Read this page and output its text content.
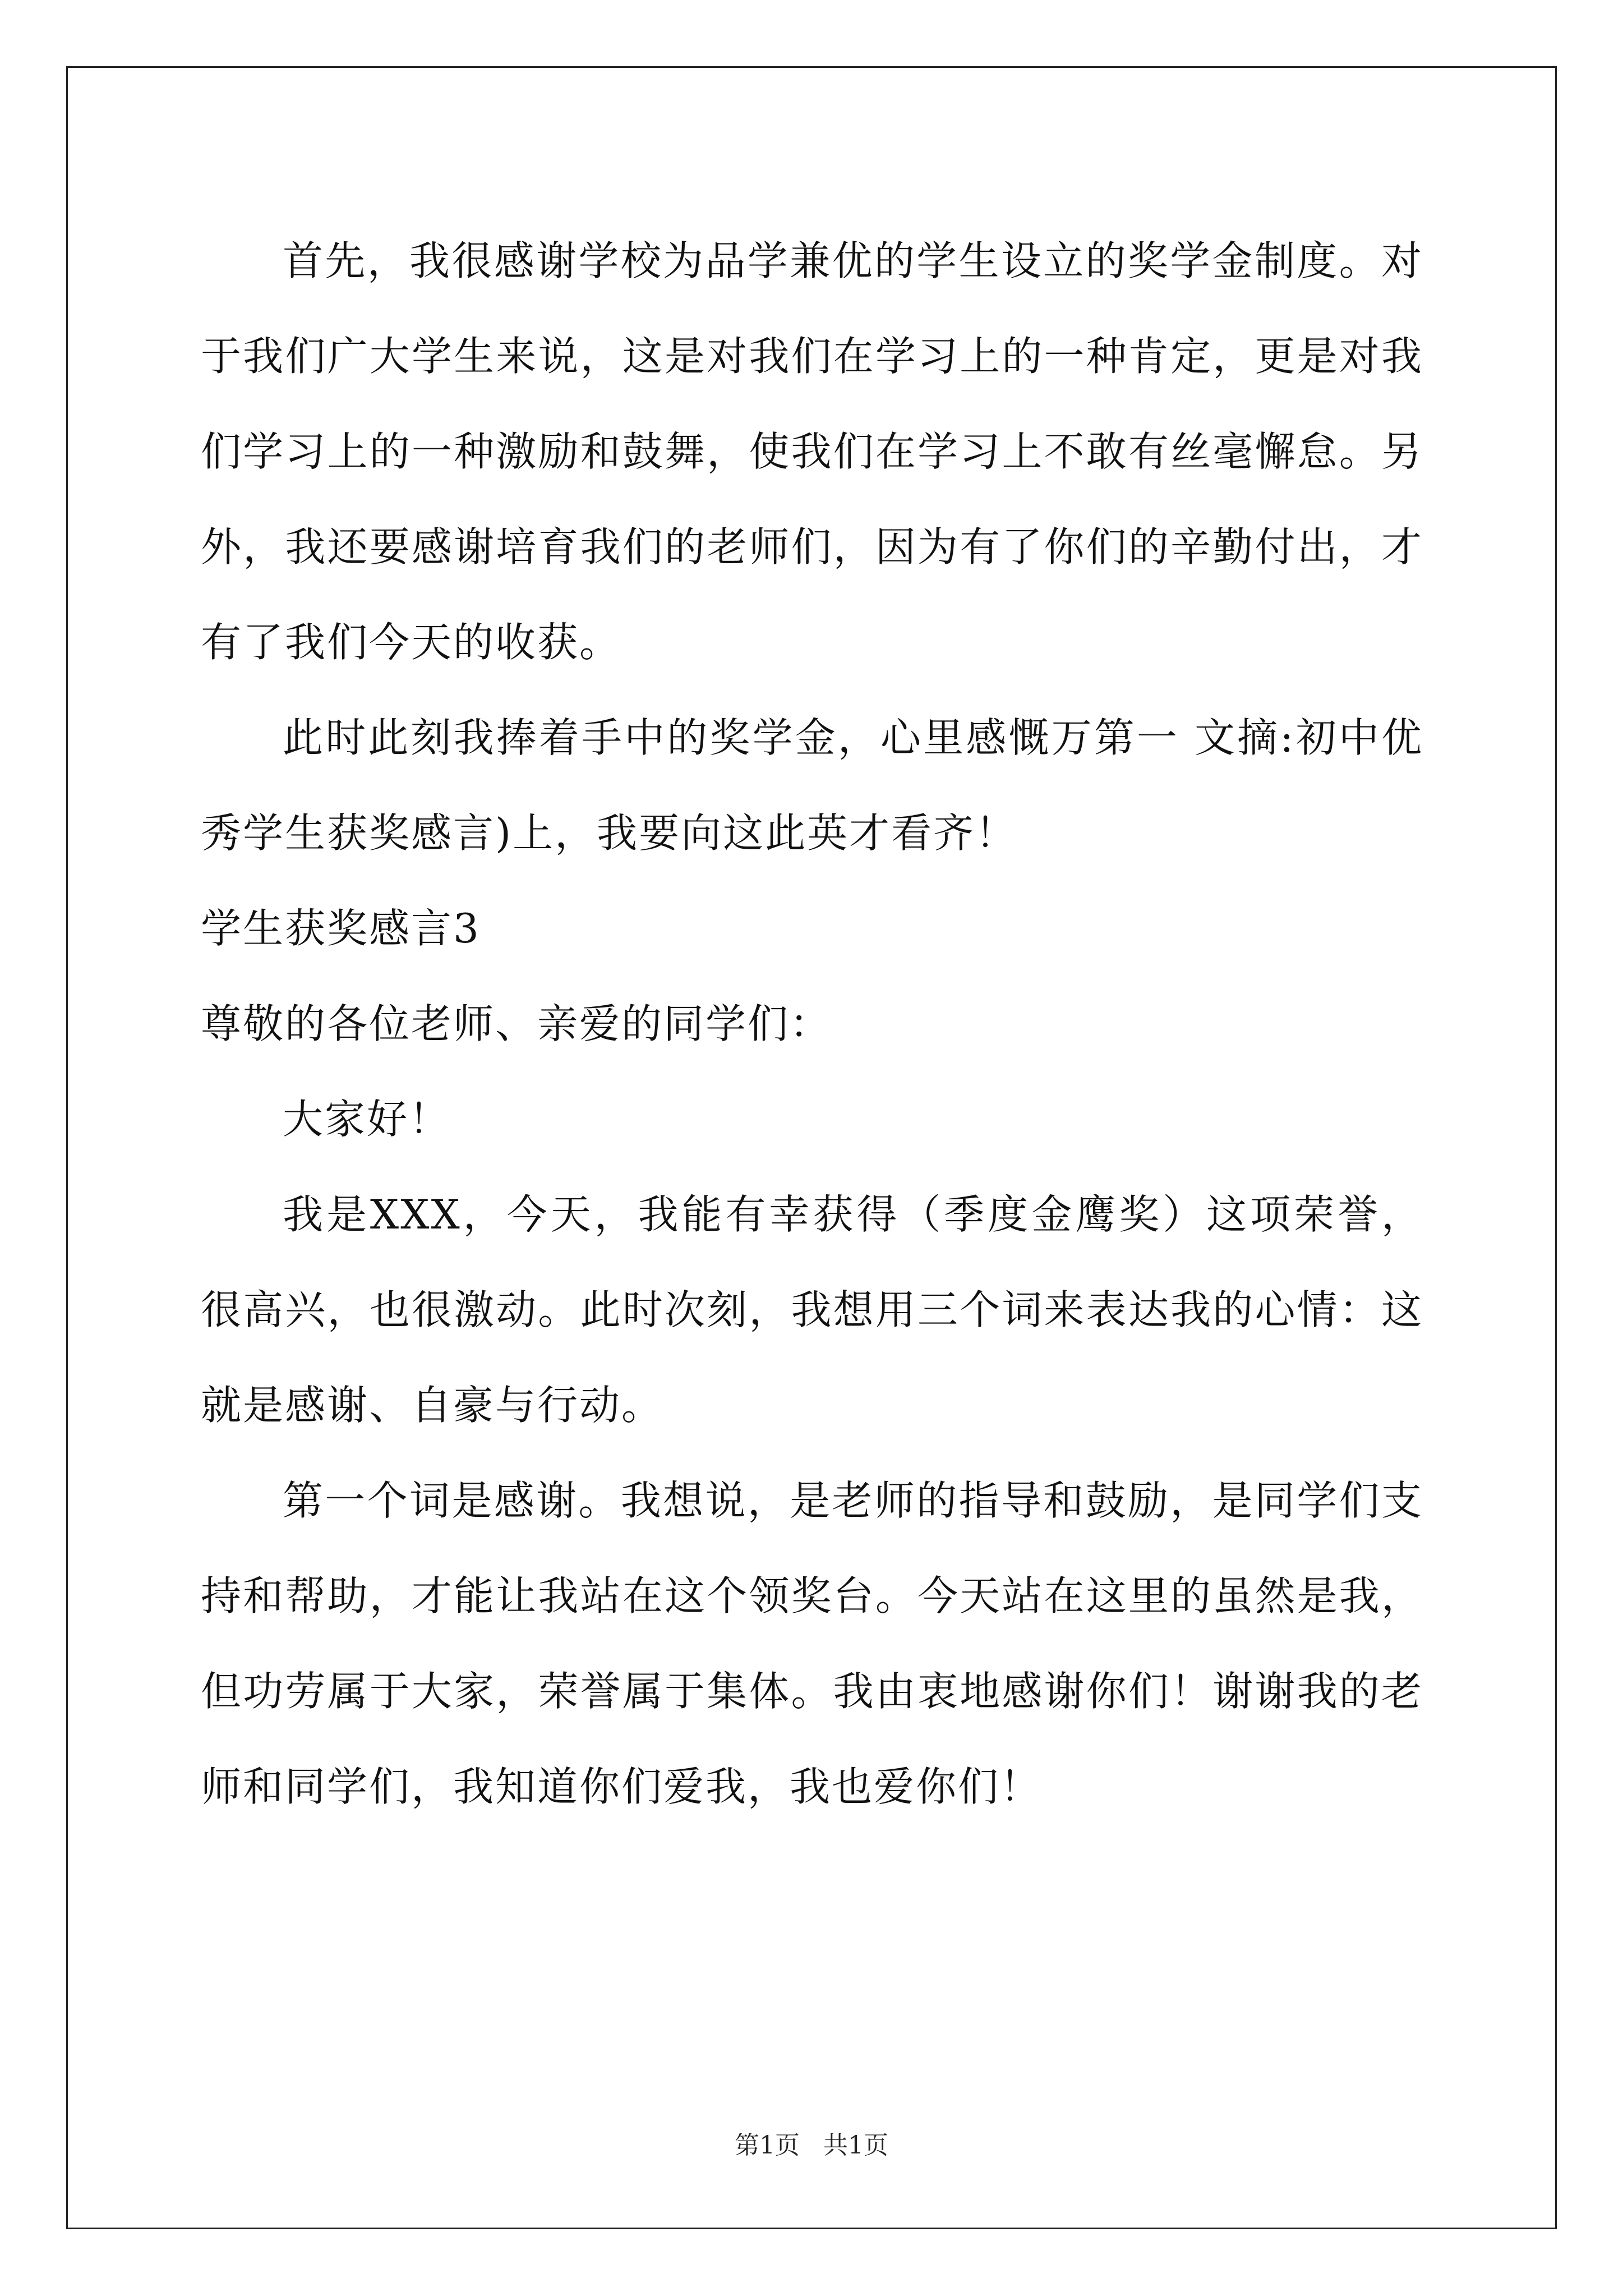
首先，我很感谢学校为品学兼优的学生设立的奖学金制度。对于我们广大学生来说，这是对我们在学习上的一种肯定，更是对我们学习上的一种激励和鼓舞，使我们在学习上不敢有丝毫懈怠。另外，我还要感谢培育我们的老师们，因为有了你们的辛勤付出，才有了我们今天的收获。

此时此刻我捧着手中的奖学金，心里感慨万第一 文摘:初中优秀学生获奖感言)上，我要向这此英才看齐！

学生获奖感言3

尊敬的各位老师、亲爱的同学们：

大家好！

我是XXX，今天，我能有幸获得（季度金鹰奖）这项荣誉，很高兴，也很激动。此时次刻，我想用三个词来表达我的心情：这就是感谢、自豪与行动。

第一个词是感谢。我想说，是老师的指导和鼓励，是同学们支持和帮助，才能让我站在这个领奖台。今天站在这里的虽然是我，但功劳属于大家，荣誉属于集体。我由衷地感谢你们！谢谢我的老师和同学们，我知道你们爱我，我也爱你们！

第1页   共1页
